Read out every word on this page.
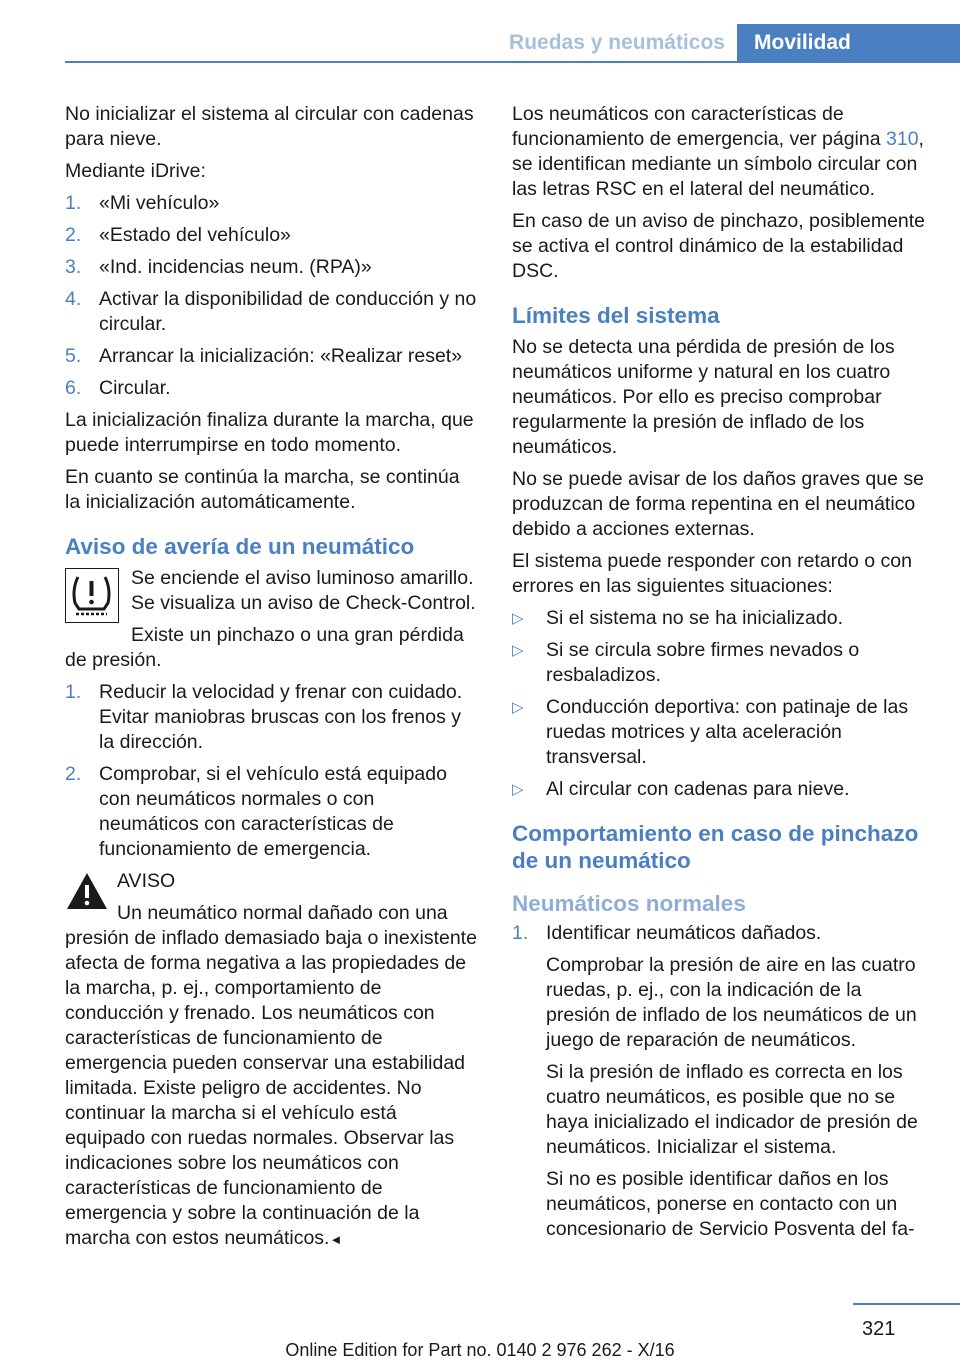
Ruedas y neumáticos	Movilidad

No inicializar el sistema al circular con cadenas para nieve.

Mediante iDrive:

1. «Mi vehículo»
2. «Estado del vehículo»
3. «Ind. incidencias neum. (RPA)»
4. Activar la disponibilidad de conducción y no circular.
5. Arrancar la inicialización: «Realizar reset»
6. Circular.

La inicialización finaliza durante la marcha, que puede interrumpirse en todo momento.

En cuanto se continúa la marcha, se continúa la inicialización automáticamente.

Aviso de avería de un neumático

Se enciende el aviso luminoso amarillo. Se visualiza un aviso de Check-Control.

Existe un pinchazo o una gran pérdida de presión.

1. Reducir la velocidad y frenar con cuidado. Evitar maniobras bruscas con los frenos y la dirección.
2. Comprobar, si el vehículo está equipado con neumáticos normales o con neumáticos con características de funcionamiento de emergencia.
AVISO
Un neumático normal dañado con una presión de inflado demasiado baja o inexistente afecta de forma negativa a las propiedades de la marcha, p. ej., comportamiento de conducción y frenado. Los neumáticos con características de funcionamiento de emergencia pueden conservar una estabilidad limitada. Existe peligro de accidentes. No continuar la marcha si el vehículo está equipado con ruedas normales. Observar las indicaciones sobre los neumáticos con características de funcionamiento de emergencia y sobre la continuación de la marcha con estos neumáticos.◄

Los neumáticos con características de funcionamiento de emergencia, ver página 310, se identifican mediante un símbolo circular con las letras RSC en el lateral del neumático.

En caso de un aviso de pinchazo, posiblemente se activa el control dinámico de la estabilidad DSC.

Límites del sistema

No se detecta una pérdida de presión de los neumáticos uniforme y natural en los cuatro neumáticos. Por ello es preciso comprobar regularmente la presión de inflado de los neumáticos.

No se puede avisar de los daños graves que se produzcan de forma repentina en el neumático debido a acciones externas.

El sistema puede responder con retardo o con errores en las siguientes situaciones:

▷ Si el sistema no se ha inicializado.
▷ Si se circula sobre firmes nevados o resbaladizos.
▷ Conducción deportiva: con patinaje de las ruedas motrices y alta aceleración transversal.
▷ Al circular con cadenas para nieve.
Comportamiento en caso de pinchazo de un neumático
Neumáticos normales
1. Identificar neumáticos dañados.
Comprobar la presión de aire en las cuatro ruedas, p. ej., con la indicación de la presión de inflado de los neumáticos de un juego de reparación de neumáticos.
Si la presión de inflado es correcta en los cuatro neumáticos, es posible que no se haya inicializado el indicador de presión de neumáticos. Inicializar el sistema.
Si no es posible identificar daños en los neumáticos, ponerse en contacto con un concesionario de Servicio Posventa del fa-
321
Online Edition for Part no. 0140 2 976 262 - X/16
